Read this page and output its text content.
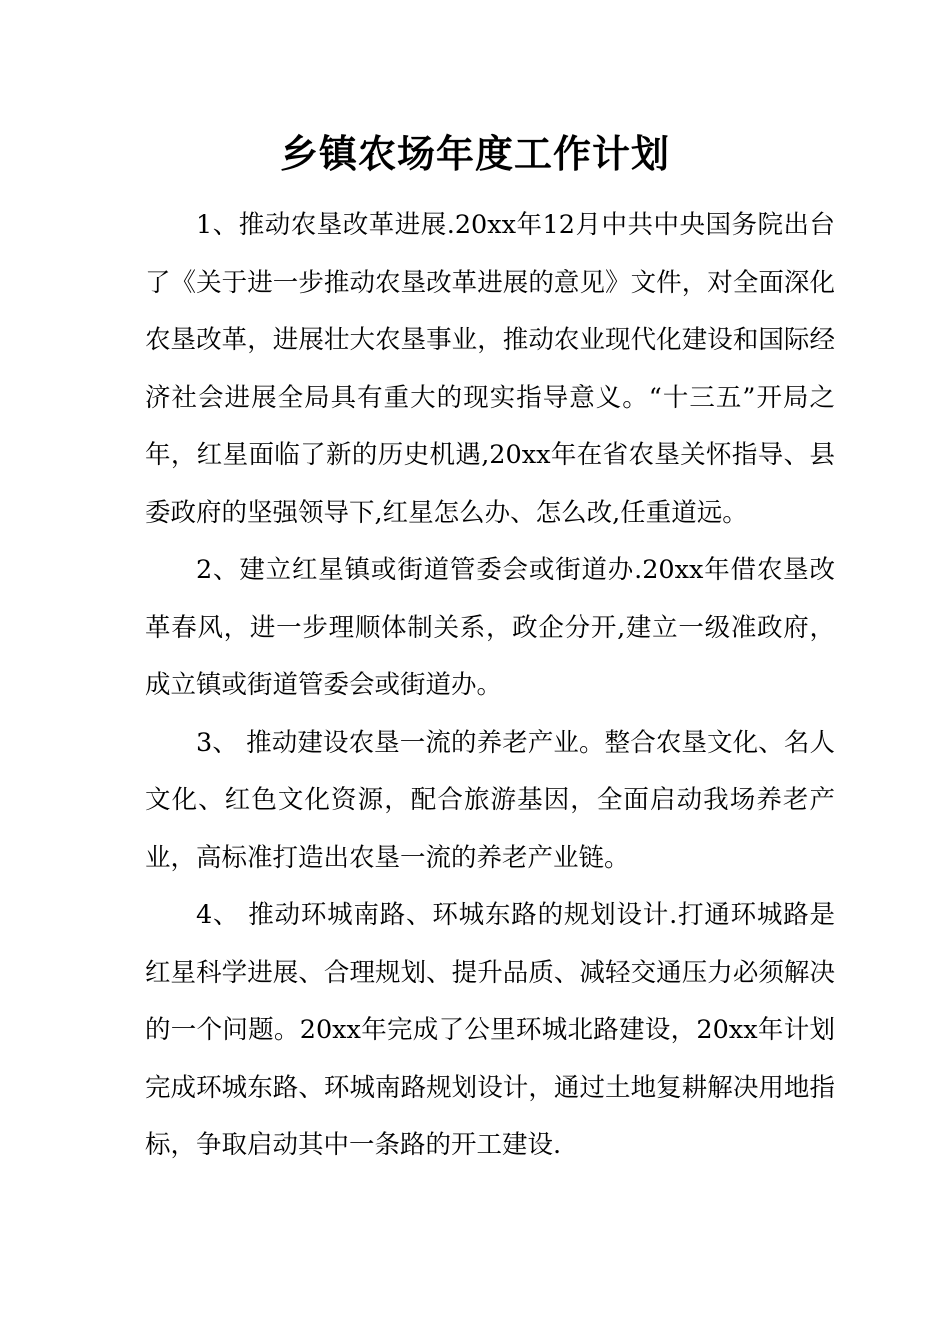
乡镇农场年度工作计划

1、推动农垦改革进展.20xx年12月中共中央国务院出台了《关于进一步推动农垦改革进展的意见》文件，对全面深化农垦改革，进展壮大农垦事业，推动农业现代化建设和国际经济社会进展全局具有重大的现实指导意义。“十三五”开局之年，红星面临了新的历史机遇,20xx年在省农垦关怀指导、县委政府的坚强领导下,红星怎么办、怎么改,任重道远。

2、建立红星镇或街道管委会或街道办.20xx年借农垦改革春风，进一步理顺体制关系，政企分开,建立一级准政府，成立镇或街道管委会或街道办。

3、 推动建设农垦一流的养老产业。整合农垦文化、名人文化、红色文化资源，配合旅游基因，全面启动我场养老产业，高标准打造出农垦一流的养老产业链。

4、 推动环城南路、环城东路的规划设计.打通环城路是红星科学进展、合理规划、提升品质、减轻交通压力必须解决的一个问题。20xx年完成了公里环城北路建设，20xx年计划完成环城东路、环城南路规划设计，通过土地复耕解决用地指标，争取启动其中一条路的开工建设.
